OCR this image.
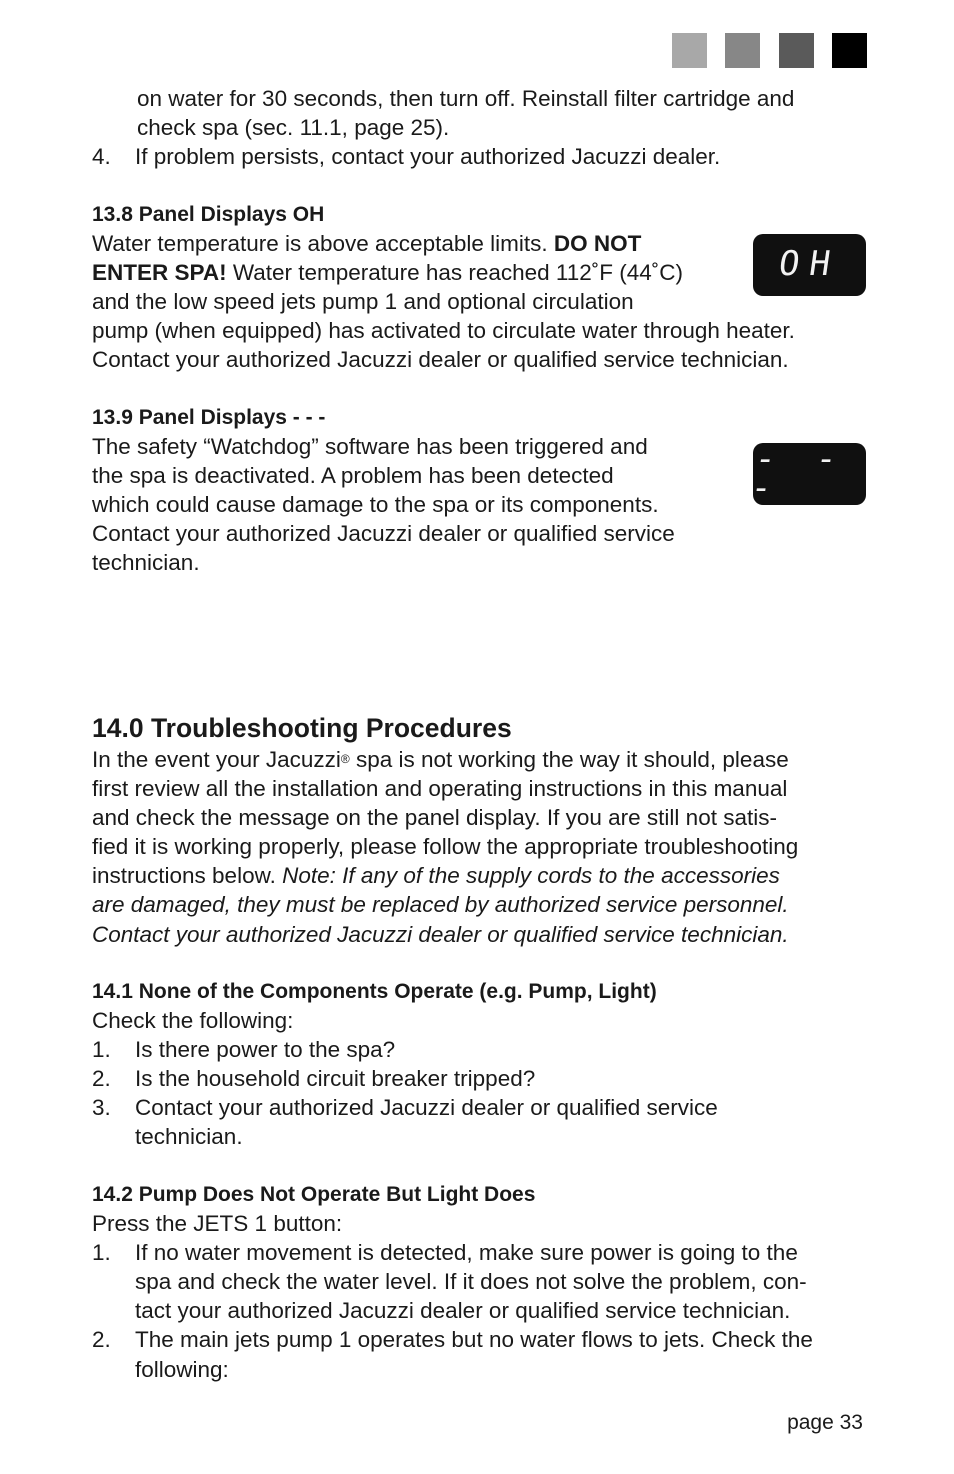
on water for 30 seconds, then turn off. Reinstall filter cartridge and

check spa (sec. 11.1, page 25).

4. If problem persists, contact your authorized Jacuzzi dealer.

13.8 Panel Displays OH

Water temperature is above acceptable limits. DO NOT

ENTER SPA! Water temperature has reached 112˚F (44˚C)

and the low speed jets pump 1 and optional circulation

pump (when equipped) has activated to circulate water through heater.

Contact your authorized Jacuzzi dealer or qualified service technician.

OH

13.9 Panel Displays - - -

The safety “Watchdog” software has been triggered and

the spa is deactivated. A problem has been detected

which could cause damage to the spa or its components.

Contact your authorized Jacuzzi dealer or qualified service

technician.

- - -

14.0 Troubleshooting Procedures

In the event your Jacuzzi® spa is not working the way it should, please

first review all the installation and operating instructions in this manual

and check the message on the panel display. If you are still not satis-

fied it is working properly, please follow the appropriate troubleshooting

instructions below. Note: If any of the supply cords to the accessories

are damaged, they must be replaced by authorized service personnel.

Contact your authorized Jacuzzi dealer or qualified service technician.

14.1 None of the Components Operate (e.g. Pump, Light)

Check the following:

1. Is there power to the spa?
2. Is the household circuit breaker tripped?
3. Contact your authorized Jacuzzi dealer or qualified service
technician.

14.2 Pump Does Not Operate But Light Does

Press the JETS 1 button:

1. If no water movement is detected, make sure power is going to the
spa and check the water level. If it does not solve the problem, con-
tact your authorized Jacuzzi dealer or qualified service technician.
2. The main jets pump 1 operates but no water flows to jets. Check the
following:
page 33
